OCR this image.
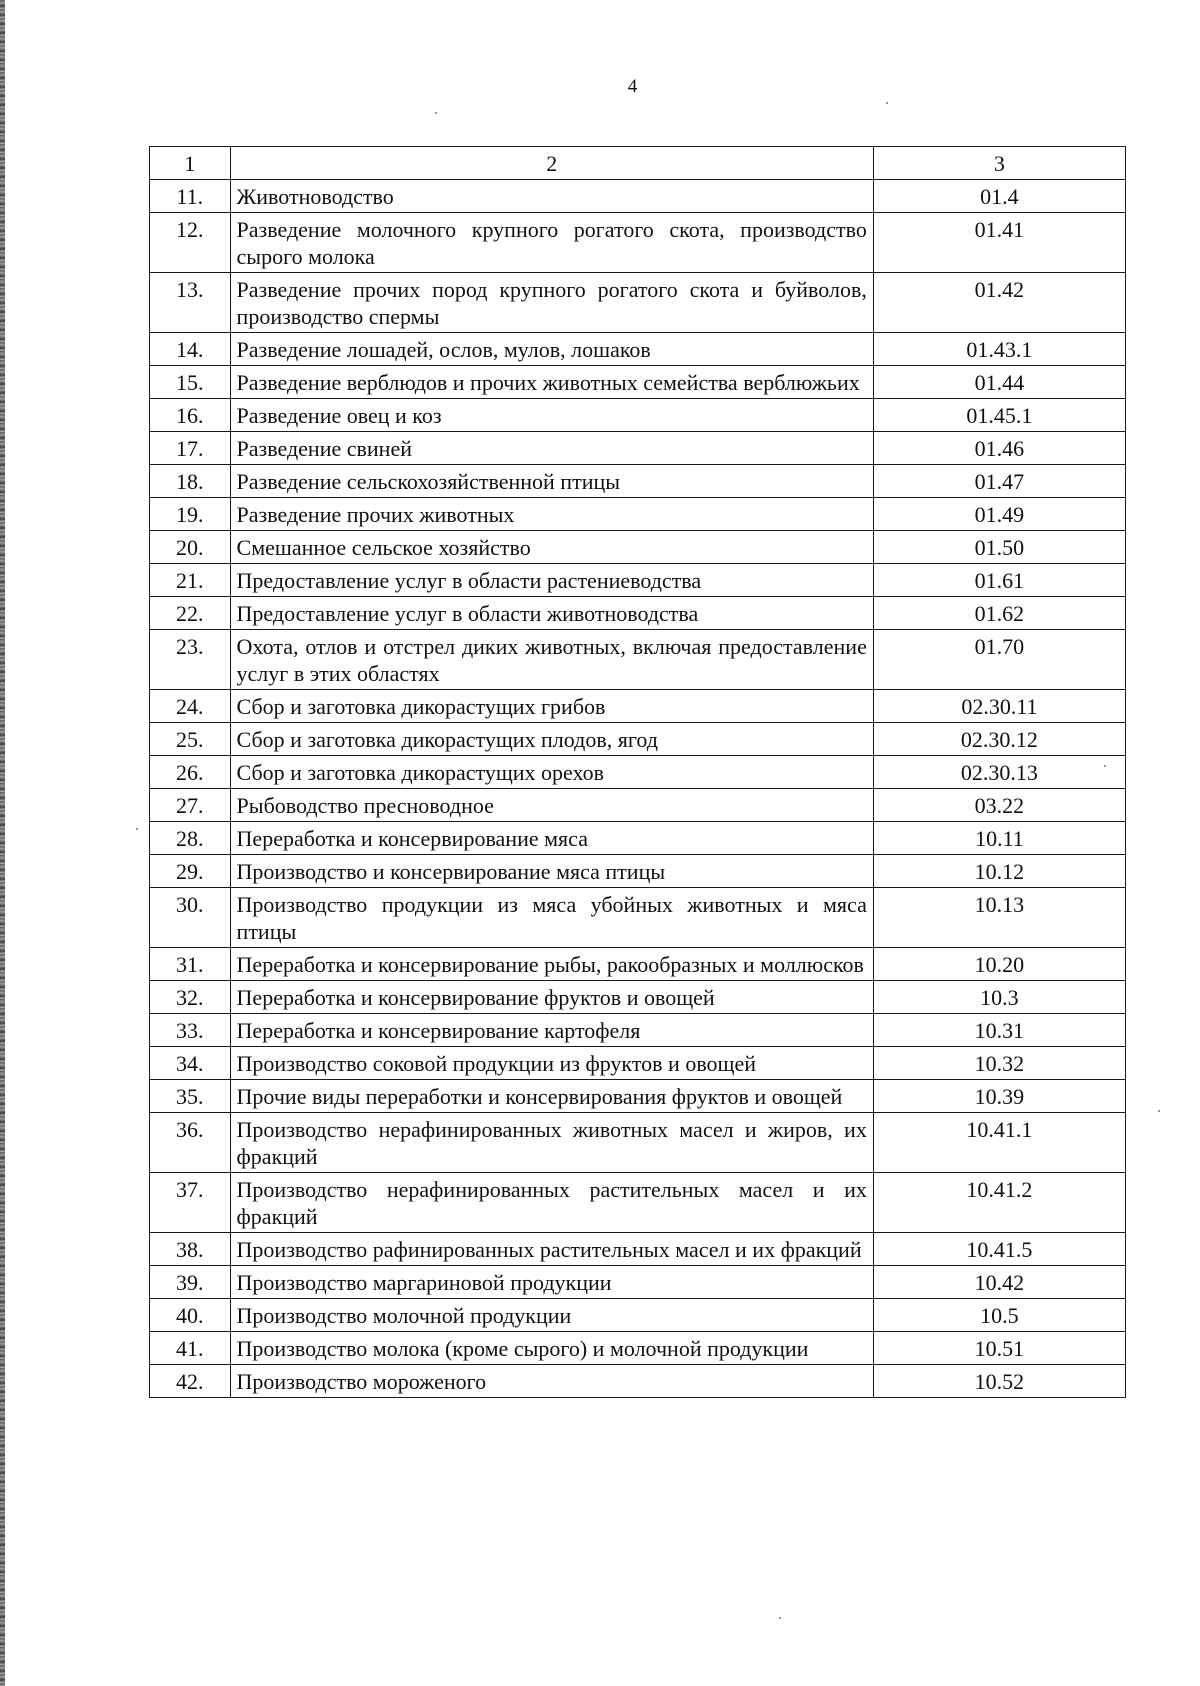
4
1	2	3
11.	Животноводство	01.4
12.	Разведение молочного крупного рогатого скота, производство сырого молока	01.41
13.	Разведение прочих пород крупного рогатого скота и буйволов, производство спермы	01.42
14.	Разведение лошадей, ослов, мулов, лошаков	01.43.1
15.	Разведение верблюдов и прочих животных семейства верблюжьих	01.44
16.	Разведение овец и коз	01.45.1
17.	Разведение свиней	01.46
18.	Разведение сельскохозяйственной птицы	01.47
19.	Разведение прочих животных	01.49
20.	Смешанное сельское хозяйство	01.50
21.	Предоставление услуг в области растениеводства	01.61
22.	Предоставление услуг в области животноводства	01.62
23.	Охота, отлов и отстрел диких животных, включая предоставление услуг в этих областях	01.70
24.	Сбор и заготовка дикорастущих грибов	02.30.11
25.	Сбор и заготовка дикорастущих плодов, ягод	02.30.12
26.	Сбор и заготовка дикорастущих орехов	02.30.13
27.	Рыбоводство пресноводное	03.22
28.	Переработка и консервирование мяса	10.11
29.	Производство и консервирование мяса птицы	10.12
30.	Производство продукции из мяса убойных животных и мяса птицы	10.13
31.	Переработка и консервирование рыбы, ракообразных и моллюсков	10.20
32.	Переработка и консервирование фруктов и овощей	10.3
33.	Переработка и консервирование картофеля	10.31
34.	Производство соковой продукции из фруктов и овощей	10.32
35.	Прочие виды переработки и консервирования фруктов и овощей	10.39
36.	Производство нерафинированных животных масел и жиров, их фракций	10.41.1
37.	Производство нерафинированных растительных масел и их фракций	10.41.2
38.	Производство рафинированных растительных масел и их фракций	10.41.5
39.	Производство маргариновой продукции	10.42
40.	Производство молочной продукции	10.5
41.	Производство молока (кроме сырого) и молочной продукции	10.51
42.	Производство мороженого	10.52
